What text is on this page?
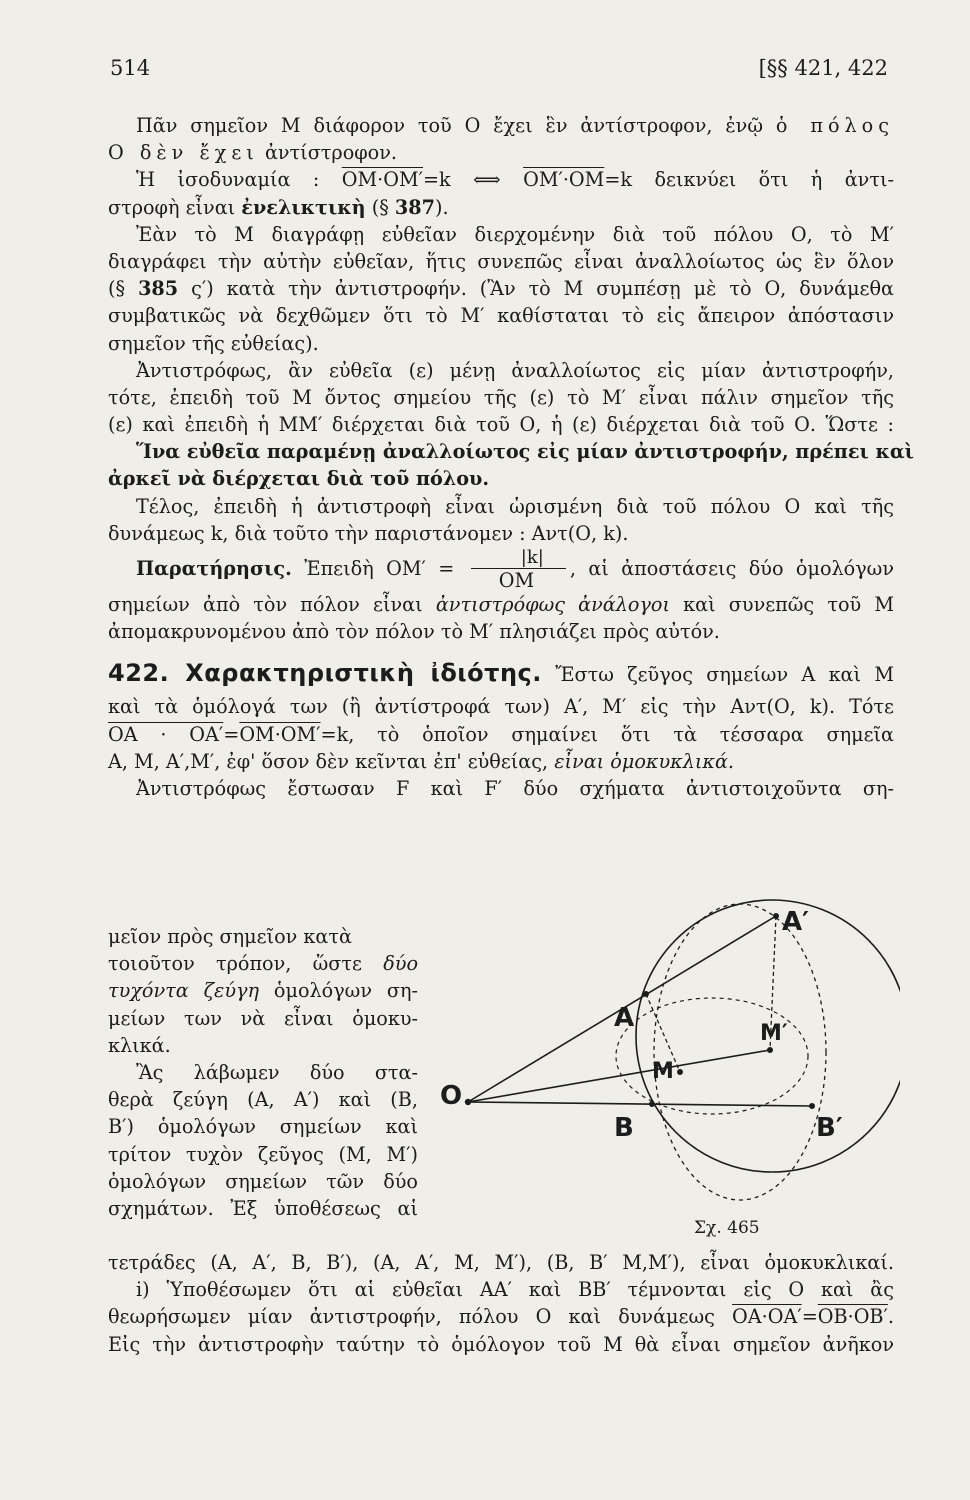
514	[§§ 421, 422
Πᾶν σημεῖον Μ διάφορον τοῦ Ο ἔχει ἓν ἀντίστροφον, ἐνῷ ὁ πόλος
Ο δὲν ἔχει ἀντίστροφον.
Ἡ ἰσοδυναμία : ΟΜ·ΟΜ′=k ⟺ ΟΜ′·ΟΜ=k δεικνύει ὅτι ἡ ἀντι-
στροφὴ εἶναι ἐνελικτικὴ (§ 387).
Ἐὰν τὸ Μ διαγράφῃ εὐθεῖαν διερχομένην διὰ τοῦ πόλου Ο, τὸ Μ′
διαγράφει τὴν αὐτὴν εὐθεῖαν, ἥτις συνεπῶς εἶναι ἀναλλοίωτος ὡς ἓν ὅλον
(§ 385 ς′) κατὰ τὴν ἀντιστροφήν. (Ἂν τὸ Μ συμπέσῃ μὲ τὸ Ο, δυνάμεθα
συμβατικῶς νὰ δεχθῶμεν ὅτι τὸ Μ′ καθίσταται τὸ εἰς ἄπειρον ἀπόστασιν
σημεῖον τῆς εὐθείας).
Ἀντιστρόφως, ἂν εὐθεῖα (ε) μένῃ ἀναλλοίωτος εἰς μίαν ἀντιστροφήν,
τότε, ἐπειδὴ τοῦ Μ ὄντος σημείου τῆς (ε) τὸ Μ′ εἶναι πάλιν σημεῖον τῆς
(ε) καὶ ἐπειδὴ ἡ ΜΜ′ διέρχεται διὰ τοῦ Ο, ἡ (ε) διέρχεται διὰ τοῦ Ο. Ὥστε :
Ἵνα εὐθεῖα παραμένῃ ἀναλλοίωτος εἰς μίαν ἀντιστροφήν, πρέπει καὶ
ἀρκεῖ νὰ διέρχεται διὰ τοῦ πόλου.
Τέλος, ἐπειδὴ ἡ ἀντιστροφὴ εἶναι ὡρισμένη διὰ τοῦ πόλου Ο καὶ τῆς
δυνάμεως k, διὰ τοῦτο τὴν παριστάνομεν : Αντ(Ο, k).
Παρατήρησις. Ἐπειδὴ $OM' = \frac{|k|}{OM}$ , αἱ ἀποστάσεις δύο ὁμολόγων
σημείων ἀπὸ τὸν πόλον εἶναι ἀντιστρόφως ἀνάλογοι καὶ συνεπῶς τοῦ Μ
ἀπομακρυνομένου ἀπὸ τὸν πόλον τὸ Μ′ πλησιάζει πρὸς αὐτόν.
422. Χαρακτηριστικὴ ἰδιότης. Ἔστω ζεῦγος σημείων Α καὶ Μ
καὶ τὰ ὁμόλογά των (ἢ ἀντίστροφά των) Α′, Μ′ εἰς τὴν Αντ(Ο, k). Τότε
ΟΑ · ΟΑ′=ΟΜ·ΟΜ′=k, τὸ ὁποῖον σημαίνει ὅτι τὰ τέσσαρα σημεῖα
Α, Μ, Α′,Μ′, ἐφ' ὅσον δὲν κεῖνται ἐπ' εὐθείας, εἶναι ὁμοκυκλικά.
Ἀντιστρόφως ἔστωσαν F καὶ F′ δύο σχήματα ἀντιστοιχοῦντα ση-
μεῖον πρὸς σημεῖον κατὰ
τοιοῦτον τρόπον, ὥστε δύο
τυχόντα ζεύγη ὁμολόγων ση-
μείων των νὰ εἶναι ὁμοκυ-
κλικά.
Ἂς λάβωμεν δύο στα-
θερὰ ζεύγη (Α, Α′) καὶ (Β,
Β′) ὁμολόγων σημείων καὶ
τρίτον τυχὸν ζεῦγος (Μ, Μ′)
ὁμολόγων σημείων τῶν δύο
σχημάτων. Ἐξ ὑποθέσεως αἱ
O
A
A′
M
M′
B	B′
Σχ. 465
τετράδες (Α, Α′, Β, Β′), (Α, Α′, Μ, Μ′), (Β, Β′ Μ,Μ′), εἶναι ὁμοκυκλικαί.
i) Ὑποθέσωμεν ὅτι αἱ εὐθεῖαι ΑΑ′ καὶ ΒΒ′ τέμνονται εἰς Ο καὶ ἂς
θεωρήσωμεν μίαν ἀντιστροφήν, πόλου Ο καὶ δυνάμεως ΟΑ·ΟΑ′=ΟΒ·ΟΒ′.
Εἰς τὴν ἀντιστροφὴν ταύτην τὸ ὁμόλογον τοῦ Μ θὰ εἶναι σημεῖον ἀνῆκον
